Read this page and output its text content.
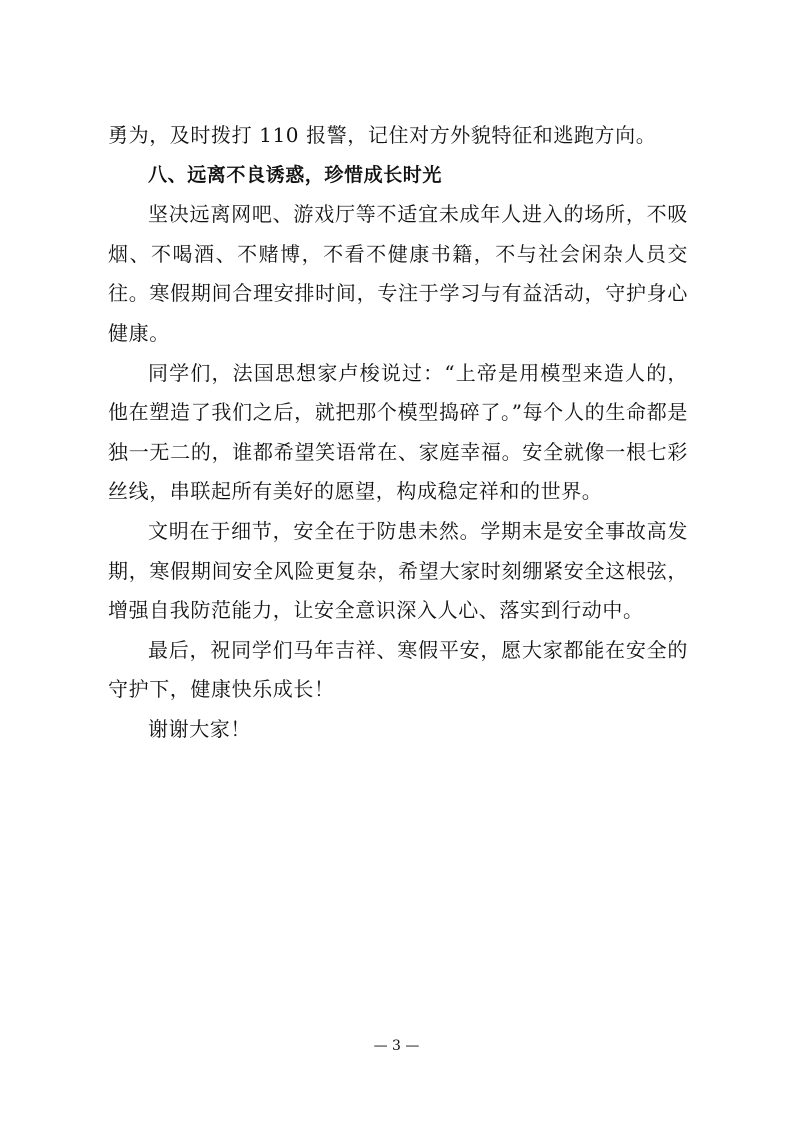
勇为，及时拨打 110 报警，记住对方外貌特征和逃跑方向。

八、远离不良诱惑，珍惜成长时光

坚决远离网吧、游戏厅等不适宜未成年人进入的场所，不吸烟、不喝酒、不赌博，不看不健康书籍，不与社会闲杂人员交往。寒假期间合理安排时间，专注于学习与有益活动，守护身心健康。

同学们，法国思想家卢梭说过：“上帝是用模型来造人的，他在塑造了我们之后，就把那个模型捣碎了。”每个人的生命都是独一无二的，谁都希望笑语常在、家庭幸福。安全就像一根七彩丝线，串联起所有美好的愿望，构成稳定祥和的世界。

文明在于细节，安全在于防患未然。学期末是安全事故高发期，寒假期间安全风险更复杂，希望大家时刻绷紧安全这根弦，增强自我防范能力，让安全意识深入人心、落实到行动中。

最后，祝同学们马年吉祥、寒假平安，愿大家都能在安全的守护下，健康快乐成长！

谢谢大家！

— 3 —
